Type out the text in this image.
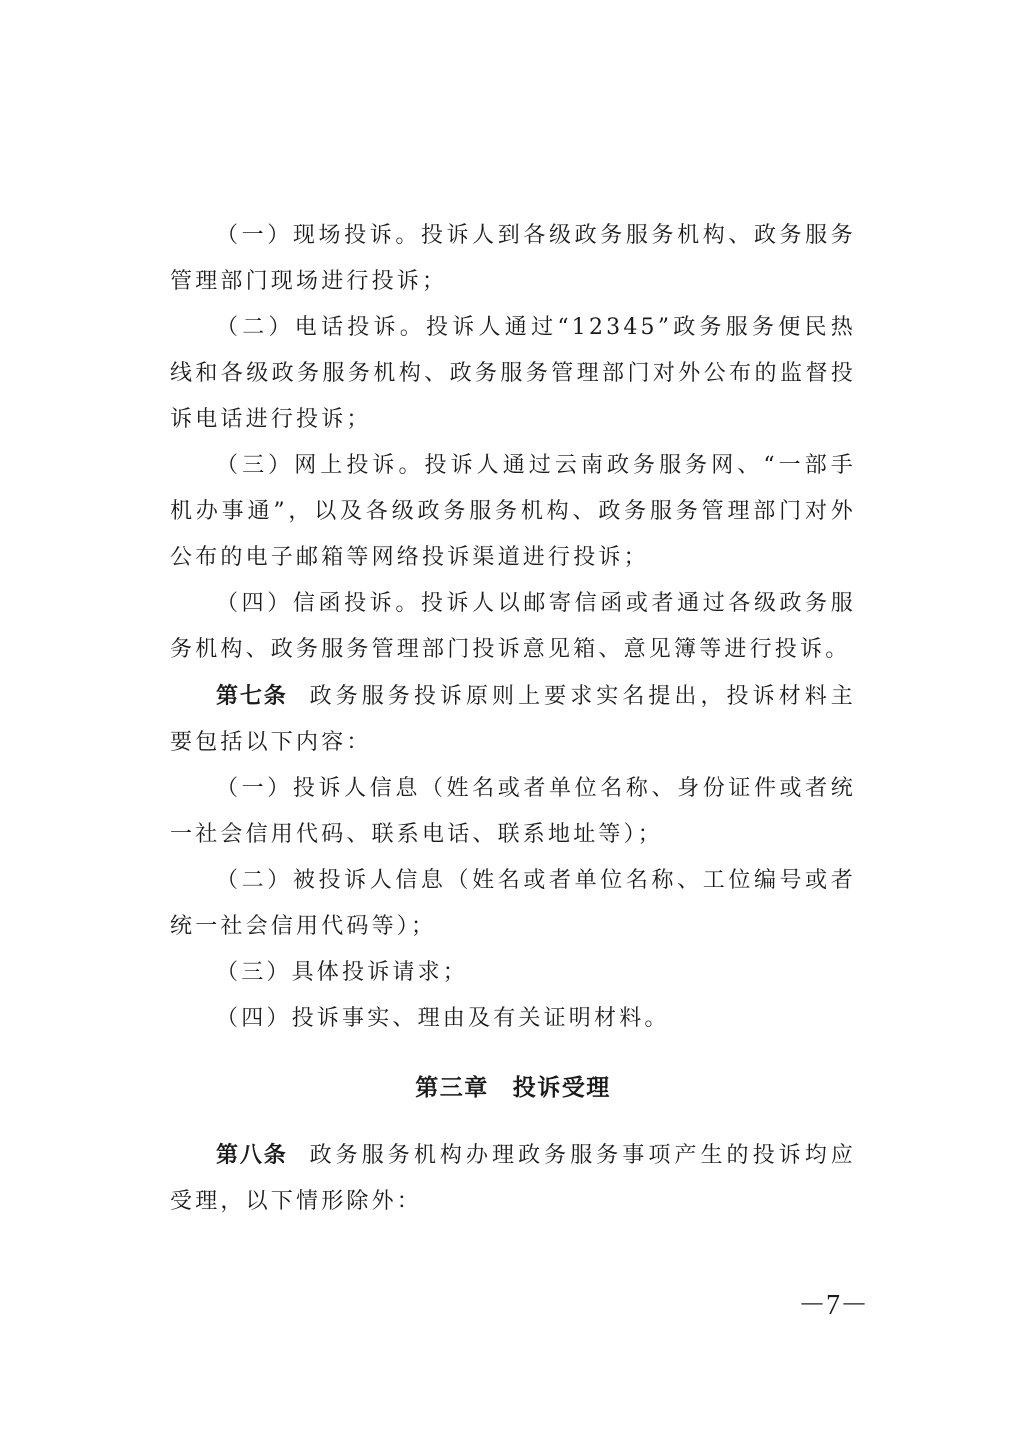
（一）现场投诉。投诉人到各级政务服务机构、政务服务管理部门现场进行投诉；

（二）电话投诉。投诉人通过“12345”政务服务便民热线和各级政务服务机构、政务服务管理部门对外公布的监督投诉电话进行投诉；

（三）网上投诉。投诉人通过云南政务服务网、“一部手机办事通”，以及各级政务服务机构、政务服务管理部门对外公布的电子邮箱等网络投诉渠道进行投诉；

（四）信函投诉。投诉人以邮寄信函或者通过各级政务服务机构、政务服务管理部门投诉意见箱、意见簿等进行投诉。

第七条 政务服务投诉原则上要求实名提出，投诉材料主要包括以下内容：

（一）投诉人信息（姓名或者单位名称、身份证件或者统一社会信用代码、联系电话、联系地址等）；

（二）被投诉人信息（姓名或者单位名称、工位编号或者统一社会信用代码等）；

（三）具体投诉请求；

（四）投诉事实、理由及有关证明材料。

第三章 投诉受理

第八条 政务服务机构办理政务服务事项产生的投诉均应受理，以下情形除外：

－7－
